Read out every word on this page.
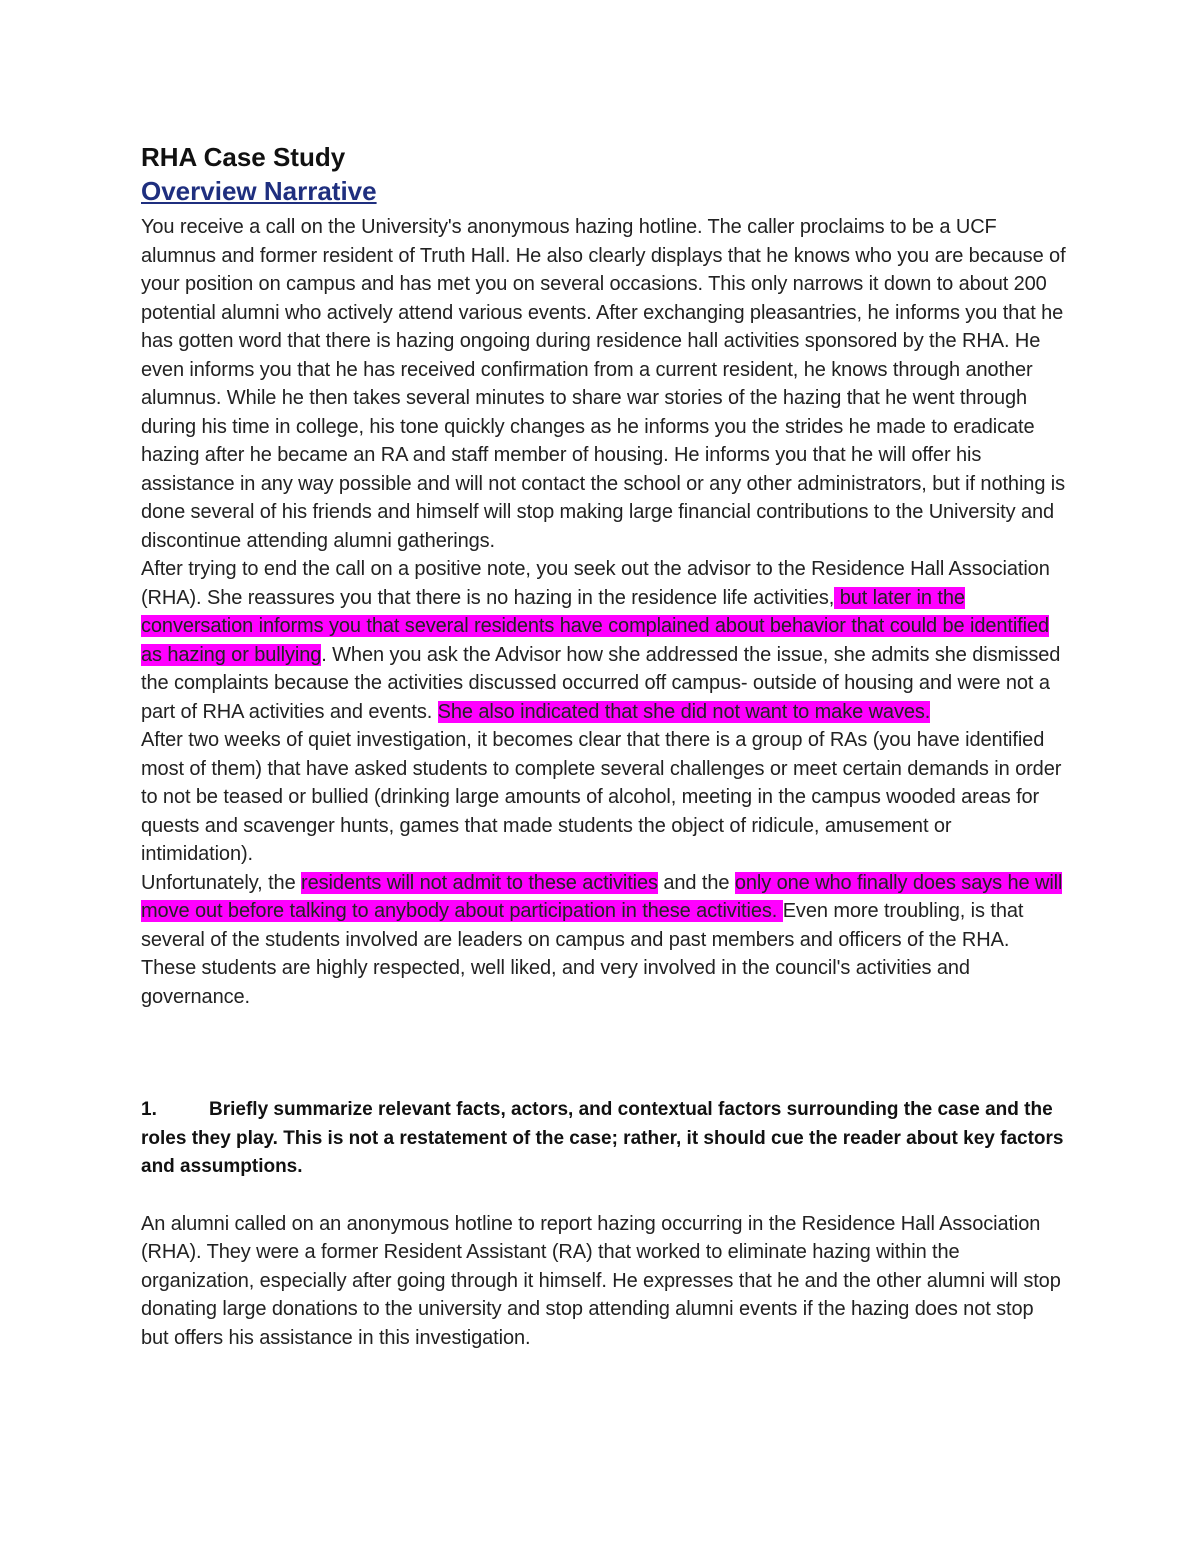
RHA Case Study
Overview Narrative

You receive a call on the University's anonymous hazing hotline. The caller proclaims to be a UCF alumnus and former resident of Truth Hall. He also clearly displays that he knows who you are because of your position on campus and has met you on several occasions. This only narrows it down to about 200 potential alumni who actively attend various events. After exchanging pleasantries, he informs you that he has gotten word that there is hazing ongoing during residence hall activities sponsored by the RHA. He even informs you that he has received confirmation from a current resident, he knows through another alumnus. While he then takes several minutes to share war stories of the hazing that he went through during his time in college, his tone quickly changes as he informs you the strides he made to eradicate hazing after he became an RA and staff member of housing. He informs you that he will offer his assistance in any way possible and will not contact the school or any other administrators, but if nothing is done several of his friends and himself will stop making large financial contributions to the University and discontinue attending alumni gatherings.

After trying to end the call on a positive note, you seek out the advisor to the Residence Hall Association (RHA). She reassures you that there is no hazing in the residence life activities, but later in the conversation informs you that several residents have complained about behavior that could be identified as hazing or bullying. When you ask the Advisor how she addressed the issue, she admits she dismissed the complaints because the activities discussed occurred off campus- outside of housing and were not a part of RHA activities and events. She also indicated that she did not want to make waves.

After two weeks of quiet investigation, it becomes clear that there is a group of RAs (you have identified most of them) that have asked students to complete several challenges or meet certain demands in order to not be teased or bullied (drinking large amounts of alcohol, meeting in the campus wooded areas for quests and scavenger hunts, games that made students the object of ridicule, amusement or intimidation).

Unfortunately, the residents will not admit to these activities and the only one who finally does says he will move out before talking to anybody about participation in these activities. Even more troubling, is that several of the students involved are leaders on campus and past members and officers of the RHA. These students are highly respected, well liked, and very involved in the council's activities and governance.

1.	Briefly summarize relevant facts, actors, and contextual factors surrounding the case and the roles they play. This is not a restatement of the case; rather, it should cue the reader about key factors and assumptions.

An alumni called on an anonymous hotline to report hazing occurring in the Residence Hall Association (RHA). They were a former Resident Assistant (RA) that worked to eliminate hazing within the organization, especially after going through it himself. He expresses that he and the other alumni will stop donating large donations to the university and stop attending alumni events if the hazing does not stop but offers his assistance in this investigation.
